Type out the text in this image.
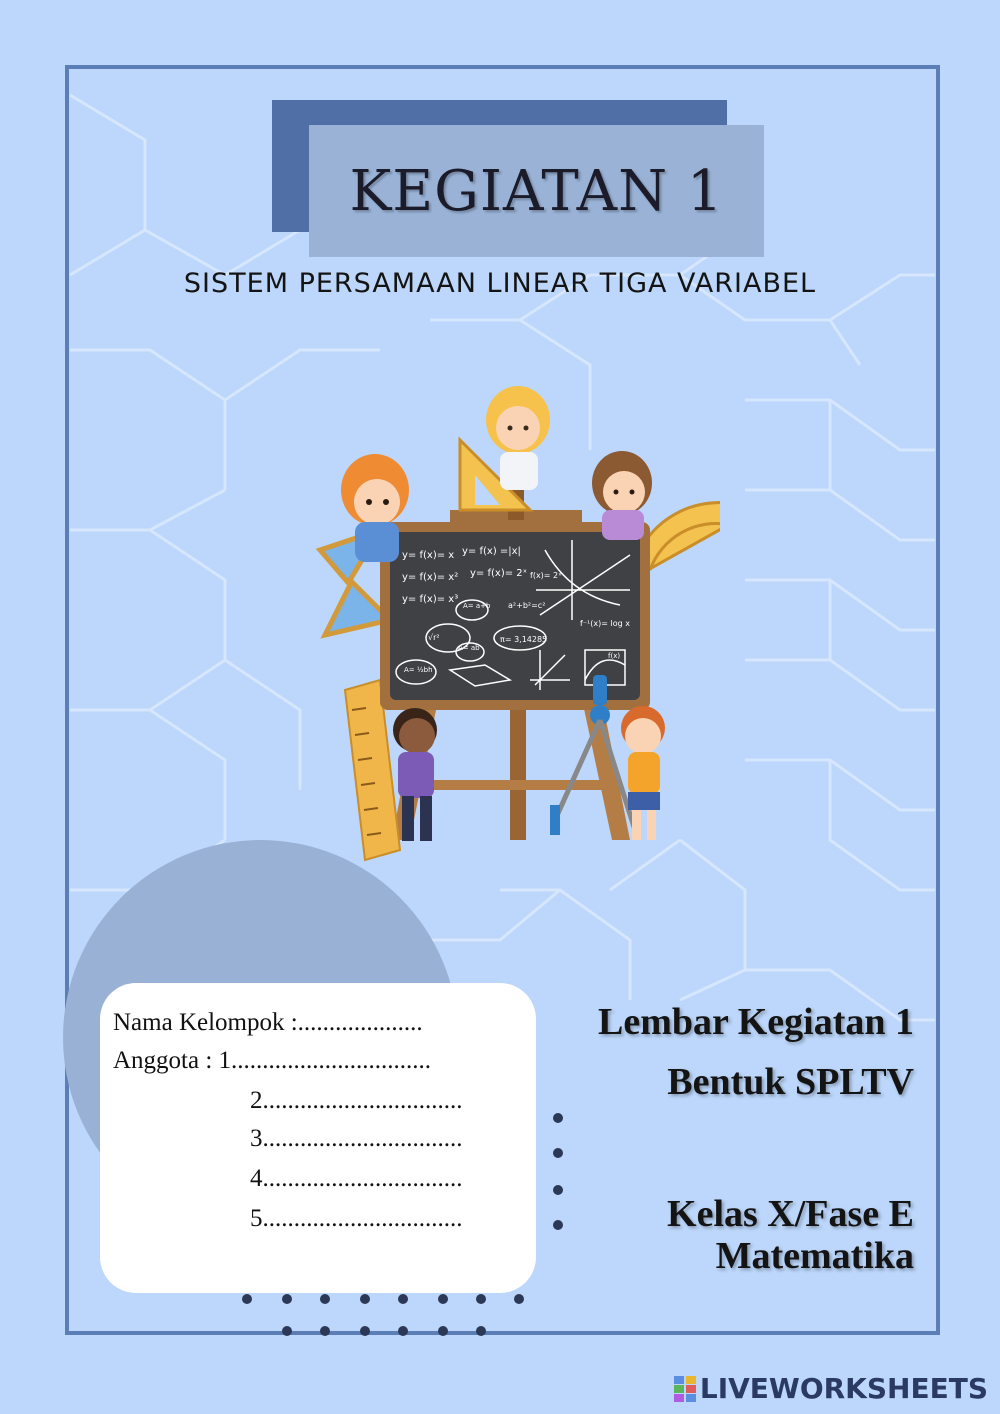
KEGIATAN 1
SISTEM PERSAMAAN LINEAR TIGA VARIABEL
y= f(x)= x y= f(x) =|x|
y= f(x)= x² y= f(x)= 2ˣ f(x)= 2ˣ
y= f(x)= x³
A= a+b a²+b²=c²
π= 3,14285
f⁻¹(x)= log x
A= ab
A= ½bh
√r²
f(x)
Nama Kelompok :....................
Anggota : 1................................
2................................
3................................
4................................
5................................
Lembar Kegiatan 1
Bentuk SPLTV
Kelas X/Fase E
Matematika
LIVEWORKSHEETS
